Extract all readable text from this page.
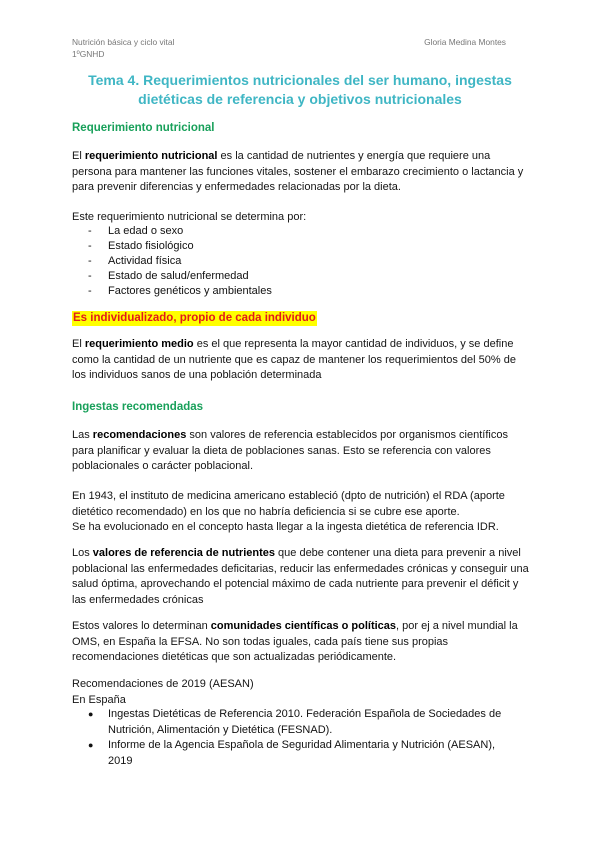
Nutrición básica y ciclo vital
1ºGNHD
Gloria Medina Montes
Tema 4. Requerimientos nutricionales del ser humano, ingestas
dietéticas de referencia y objetivos nutricionales
Requerimiento nutricional
El requerimiento nutricional es la cantidad de nutrientes y energía que requiere una persona para mantener las funciones vitales, sostener el embarazo crecimiento o lactancia y para prevenir diferencias y enfermedades relacionadas por la dieta.
Este requerimiento nutricional se determina por:
-	La edad o sexo
-	Estado fisiológico
-	Actividad física
-	Estado de salud/enfermedad
-	Factores genéticos y ambientales
Es individualizado, propio de cada individuo
El requerimiento medio es el que representa la mayor cantidad de individuos, y se define como la cantidad de un nutriente que es capaz de mantener los requerimientos del 50% de los individuos sanos de una población determinada
Ingestas recomendadas
Las recomendaciones son valores de referencia establecidos por organismos científicos para planificar y evaluar la dieta de poblaciones sanas. Esto se referencia con valores poblacionales o carácter poblacional.
En 1943, el instituto de medicina americano estableció (dpto de nutrición) el RDA (aporte dietético recomendado) en los que no habría deficiencia si se cubre ese aporte.
Se ha evolucionado en el concepto hasta llegar a la ingesta dietética de referencia IDR.
Los valores de referencia de nutrientes que debe contener una dieta para prevenir a nivel poblacional las enfermedades deficitarias, reducir las enfermedades crónicas y conseguir una salud óptima, aprovechando el potencial máximo de cada nutriente para prevenir el déficit y las enfermedades crónicas
Estos valores lo determinan comunidades científicas o políticas, por ej a nivel mundial la OMS, en España la EFSA. No son todas iguales, cada país tiene sus propias recomendaciones dietéticas que son actualizadas periódicamente.
Recomendaciones de 2019 (AESAN)
En España
●	Ingestas Dietéticas de Referencia 2010. Federación Española de Sociedades de Nutrición, Alimentación y Dietética (FESNAD).
●	Informe de la Agencia Española de Seguridad Alimentaria y Nutrición (AESAN), 2019
